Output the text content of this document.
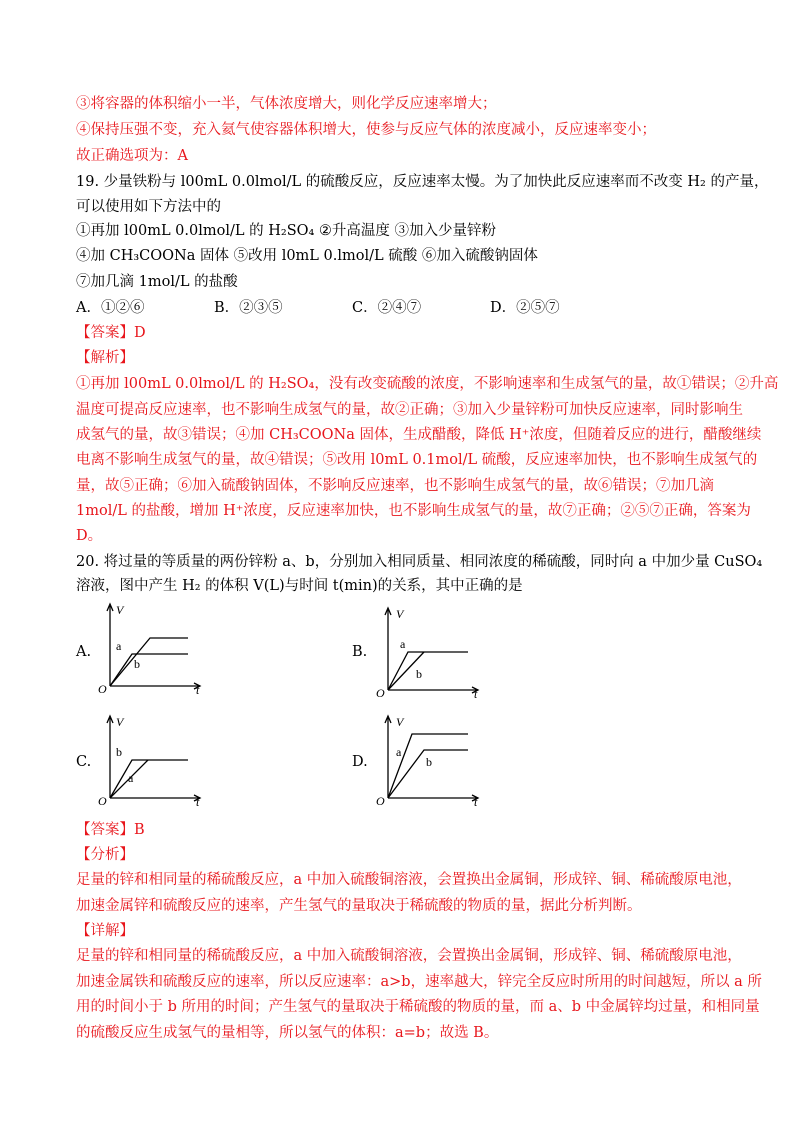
③将容器的体积缩小一半，气体浓度增大，则化学反应速率增大；
④保持压强不变，充入氦气使容器体积增大，使参与反应气体的浓度减小，反应速率变小；
故正确选项为：A
19. 少量铁粉与 l00mL 0.0lmol/L 的硫酸反应，反应速率太慢。为了加快此反应速率而不改变 H₂ 的产量，
可以使用如下方法中的
①再加 l00mL 0.0lmol/L 的 H₂SO₄ ②升高温度 ③加入少量锌粉
④加 CH₃COONa 固体 ⑤改用 l0mL 0.lmol/L 硫酸 ⑥加入硫酸钠固体
⑦加几滴 1mol/L 的盐酸
A．①②⑥	B．②③⑤	C．②④⑦	D．②⑤⑦
【答案】D
【解析】
①再加 l00mL 0.0lmol/L 的 H₂SO₄，没有改变硫酸的浓度，不影响速率和生成氢气的量，故①错误；②升高
温度可提高反应速率，也不影响生成氢气的量，故②正确；③加入少量锌粉可加快反应速率，同时影响生
成氢气的量，故③错误；④加 CH₃COONa 固体，生成醋酸，降低 H⁺浓度，但随着反应的进行，醋酸继续
电离不影响生成氢气的量，故④错误；⑤改用 l0mL 0.1mol/L 硫酸，反应速率加快，也不影响生成氢气的
量，故⑤正确；⑥加入硫酸钠固体，不影响反应速率，也不影响生成氢气的量，故⑥错误；⑦加几滴
1mol/L 的盐酸，增加 H⁺浓度，反应速率加快，也不影响生成氢气的量，故⑦正确；②⑤⑦正确，答案为
D。
20. 将过量的等质量的两份锌粉 a、b，分别加入相同质量、相同浓度的稀硫酸，同时向 a 中加少量 CuSO₄
溶液，图中产生 H₂ 的体积 V(L)与时间 t(min)的关系，其中正确的是
A.	B.
C.	D.
V
t
O
a
b
V
t
O
a
b
V
t
O
b
a
V
t
O
a
b
【答案】B
【分析】
足量的锌和相同量的稀硫酸反应，a 中加入硫酸铜溶液，会置换出金属铜，形成锌、铜、稀硫酸原电池，
加速金属锌和硫酸反应的速率，产生氢气的量取决于稀硫酸的物质的量，据此分析判断。
【详解】
足量的锌和相同量的稀硫酸反应，a 中加入硫酸铜溶液，会置换出金属铜，形成锌、铜、稀硫酸原电池，
加速金属铁和硫酸反应的速率，所以反应速率：a>b，速率越大，锌完全反应时所用的时间越短，所以 a 所
用的时间小于 b 所用的时间；产生氢气的量取决于稀硫酸的物质的量，而 a、b 中金属锌均过量，和相同量
的硫酸反应生成氢气的量相等，所以氢气的体积：a=b；故选 B。
